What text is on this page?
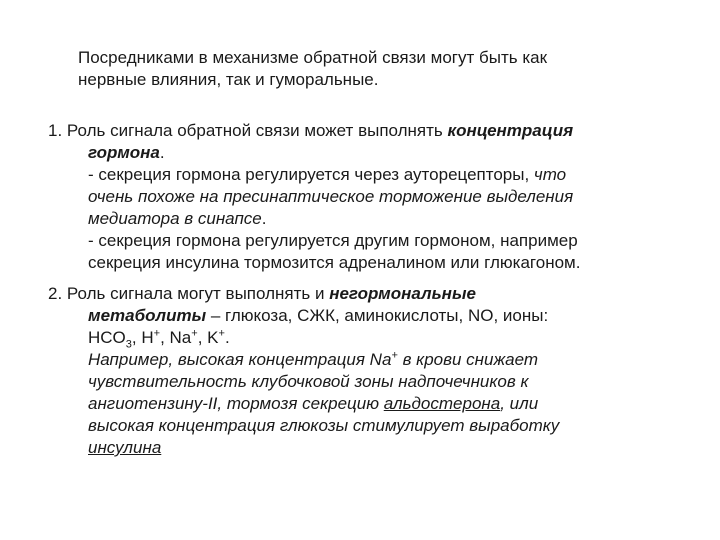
Посредниками в механизме обратной связи могут быть как
нервные влияния, так и гуморальные.
1. Роль сигнала обратной связи может выполнять концентрация
гормона.
- секреция гормона регулируется через ауторецепторы, что
очень похоже на пресинаптическое торможение выделения
медиатора в синапсе.
- секреция гормона регулируется другим гормоном, например
секреция инсулина тормозится адреналином или глюкагоном.
2. Роль сигнала могут выполнять и негормональные
метаболиты – глюкоза, СЖК, аминокислоты, NO, ионы:
$HCO_3$, H+, Na+, K+.
Например, высокая концентрация Na+ в крови снижает
чувствительность клубочковой зоны надпочечников к
ангиотензину-II, тормозя секрецию альдостерона, или
высокая концентрация глюкозы стимулирует выработку
инсулина
